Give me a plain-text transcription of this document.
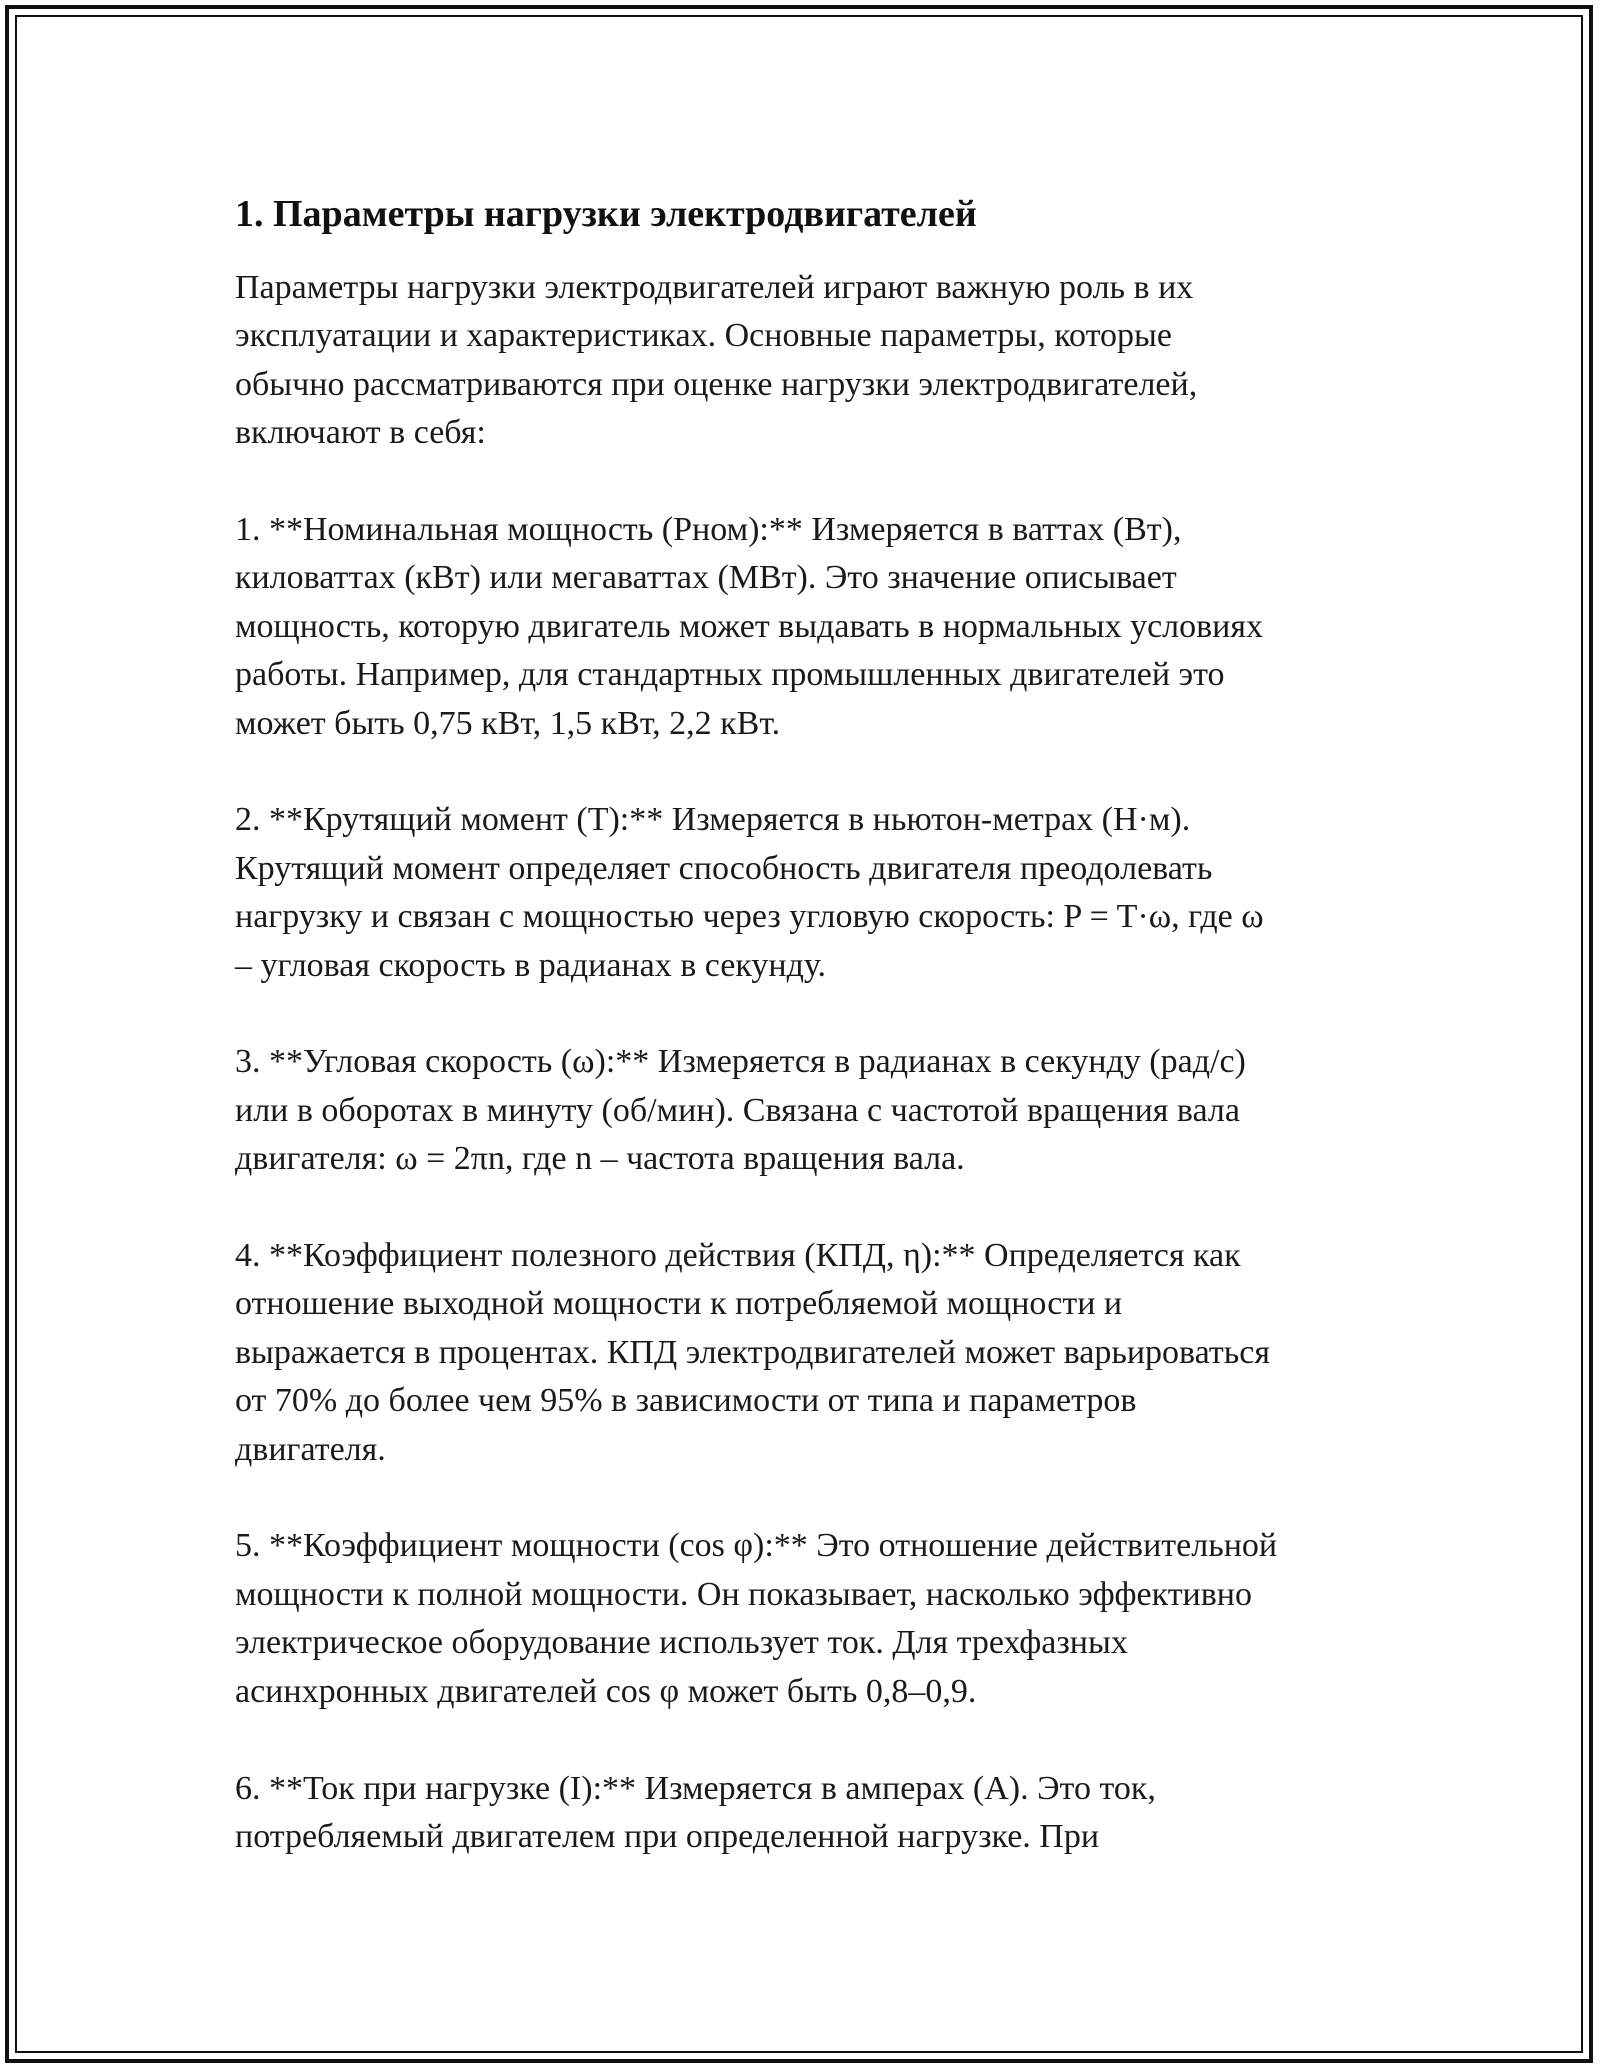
1. Параметры нагрузки электродвигателей
Параметры нагрузки электродвигателей играют важную роль в их
эксплуатации и характеристиках. Основные параметры, которые
обычно рассматриваются при оценке нагрузки электродвигателей,
включают в себя:
1. **Номинальная мощность (Pном):** Измеряется в ваттах (Вт),
киловаттах (кВт) или мегаваттах (МВт). Это значение описывает
мощность, которую двигатель может выдавать в нормальных условиях
работы. Например, для стандартных промышленных двигателей это
может быть 0,75 кВт, 1,5 кВт, 2,2 кВт.
2. **Крутящий момент (T):** Измеряется в ньютон-метрах (Н·м).
Крутящий момент определяет способность двигателя преодолевать
нагрузку и связан с мощностью через угловую скорость: P = T·ω, где ω
– угловая скорость в радианах в секунду.
3. **Угловая скорость (ω):** Измеряется в радианах в секунду (рад/с)
или в оборотах в минуту (об/мин). Связана с частотой вращения вала
двигателя: ω = 2πn, где n – частота вращения вала.
4. **Коэффициент полезного действия (КПД, η):** Определяется как
отношение выходной мощности к потребляемой мощности и
выражается в процентах. КПД электродвигателей может варьироваться
от 70% до более чем 95% в зависимости от типа и параметров
двигателя.
5. **Коэффициент мощности (cos φ):** Это отношение действительной
мощности к полной мощности. Он показывает, насколько эффективно
электрическое оборудование использует ток. Для трехфазных
асинхронных двигателей cos φ может быть 0,8–0,9.
6. **Ток при нагрузке (I):** Измеряется в амперах (А). Это ток,
потребляемый двигателем при определенной нагрузке. При
